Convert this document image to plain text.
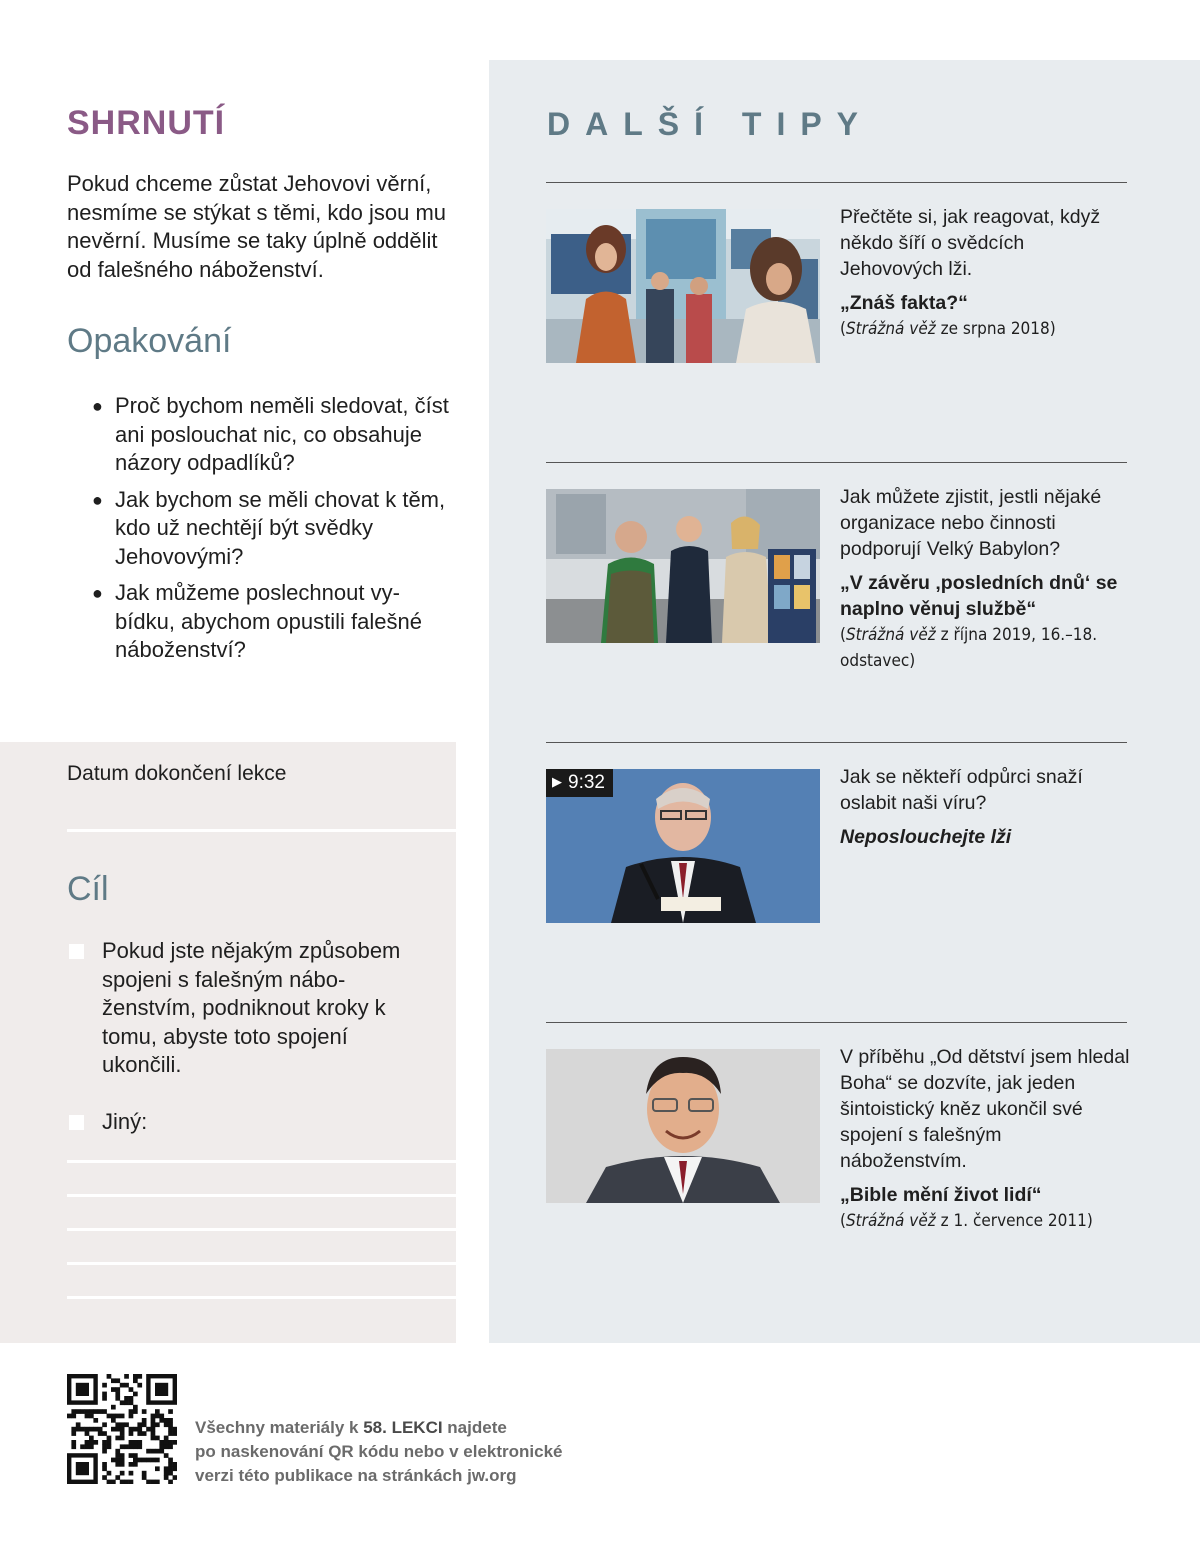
SHRNUTÍ

Pokud chceme zůstat Jehovovi věrní, nesmíme se stýkat s těmi, kdo jsou mu nevěrní. Musíme se taky úplně oddělit od falešného náboženství.

Opakování
● Proč bychom neměli sledovat, číst ani poslouchat nic, co obsahuje názory odpadlíků?
● Jak bychom se měli chovat k těm, kdo už nechtějí být svědky Jehovovými?
● Jak můžeme poslechnout vybídku, abychom opustili falešné náboženství?

Datum dokončení lekce

Cíl
Pokud jste nějakým způsobem spojeni s falešným náboženstvím, podniknout kroky k tomu, abyste toto spojení ukončili.
Jiný:
DALŠÍ TIPY

Přečtěte si, jak reagovat, když někdo šíří o svědcích Jehovových lži.

„Znáš fakta?“

(Strážná věž ze srpna 2018)

Jak můžete zjistit, jestli nějaké organizace nebo činnosti podporují Velký Babylon?

„V závěru ‚posledních dnů‘ se naplno věnuj službě“

(Strážná věž z října 2019, 16.–18. odstavec)

▶ 9:32	Jak se někteří odpůrci snaží oslabit naši víru?

Neposlouchejte lži

V příběhu „Od dětství jsem hledal Boha“ se dozvíte, jak jeden šintoistický kněz ukončil své spojení s falešným náboženstvím.

„Bible mění život lidí“

(Strážná věž z 1. července 2011)

Všechny materiály k 58. LEKCI najdete
po naskenování QR kódu nebo v elektronické
verzi této publikace na stránkách jw.org
